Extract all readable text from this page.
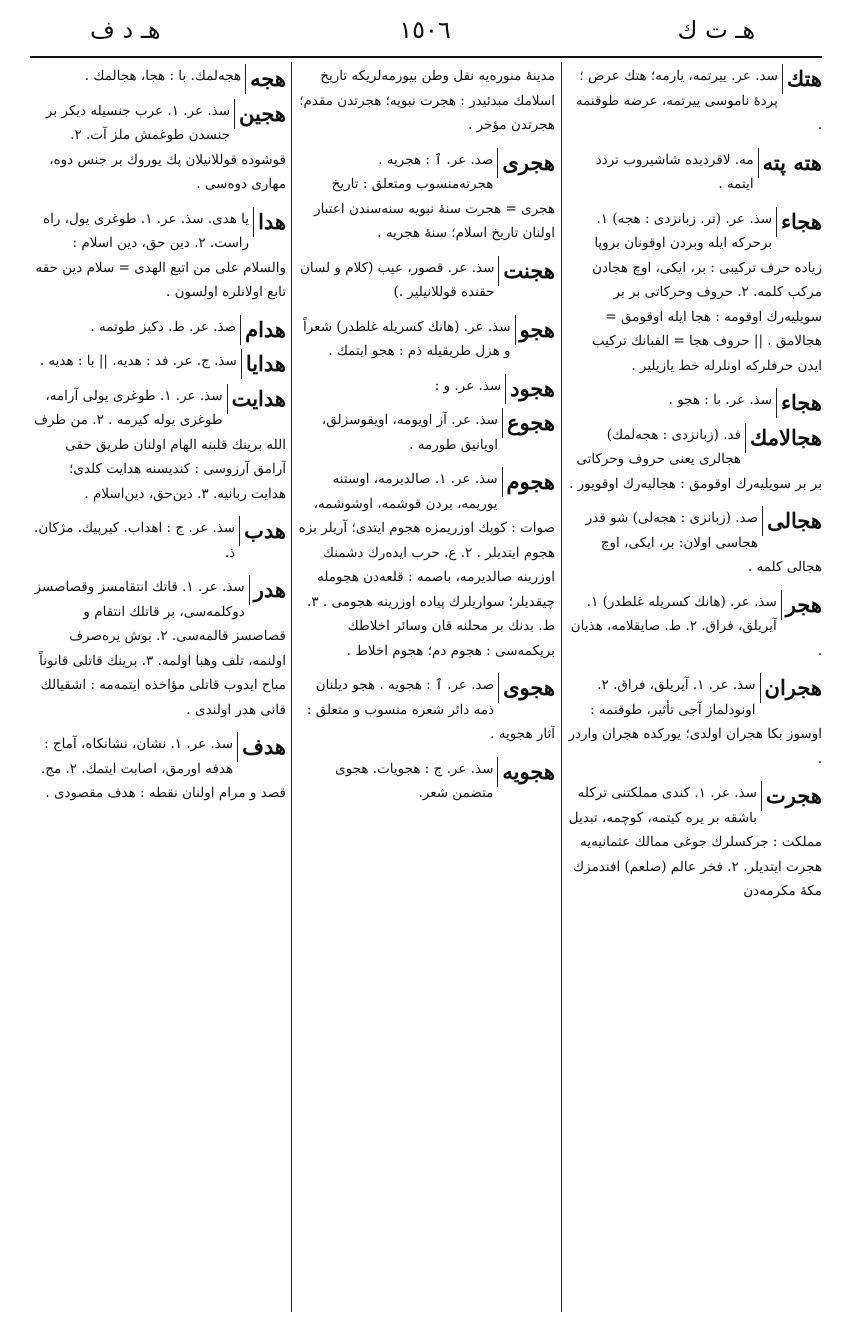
هـ ت ك
١٥٠٦
هـ د ف
هتك
سد. عر. ييرتمه، يارمه؛ هتك عرض ؛ پردۀ ناموسی ييرتمه، عرضه طوقنمه .
هته پته
مه. لاقرديده شاشيروب تردد ايتمه .
هجاء
سذ. عر. (تر. زبانزدی : هجه) ١. برحركه ايله وبردن اوقونان بروپا زياده حرف تركيبی : بر، ايكی، اوچ هجادن مركب كلمه. ٢. حروف وحركاتی بر بر سويليه‌رك اوقومه : هجا ايله اوقومق = هجالامق . || حروف هجا = الفبانك تركيب ايدن حرفلركه اونلرله خط يازيلير .
هجاء
سذ. عر. با : هجو .
هجالامك
فد. (زبانزدی : هجه‌لمك) هجالری يعنی حروف وحركاتی بر بر سويليه‌رك اوقومق : هجاليه‌رك اوقويور .
هجالی
صد. (زبانزی : هجه‌لی) شو قدر هجاسی اولان: بر، ايكی، اوچ هجالی كلمه .
هجر
سذ. عر. (هانك كسريله غلطدر) ١. آيريلق، فراق. ٢. ط. صايقلامه، هذيان .
هجران
سذ. عر. ١. آيريلق، فراق. ٢. اونودلماز آجی تأثير، طوقنمه : اوسوز بكا هجران اولدی؛ يوركده هجران واردر .
هجرت
سذ. عر. ١. كندی مملكتنی تركله باشقه بر يره كيتمه، كوچمه، تبديل مملكت : جركسلرك جوغی ممالك عثمانيه‌يه هجرت ايتديلر. ٢. فخر عالم (صلعم) افندمزك مكۀ مكرمه‌دن
مدينۀ منوره‌يه نقل وطن بيورمه‌لريكه تاريخ اسلامك مبدئيدر : هجرت نبويه؛ هجرتدن مقدم؛ هجرتدن مؤخر .
هجری
صد. عر. ٱ : هجريه . هجرته‌منسوب ومتعلق : تاريخ هجری = هجرت سنۀ نبويه سنه‌سندن اعتبار اولنان تاريخ اسلام؛ سنۀ هجريه .
هجنت
سذ. عر. قصور، عيب (كلام و لسان حقنده قوللانيلير .)
هجو
سذ. عر. (هانك كسريله غلطدر) شعراً و هزل طريقيله ذم : هجو ايتمك .
هجود
سذ. عر. و :
هجوع
سذ. عر. آز اويومه، اويقوسزلق، اويانيق طورمه .
هجوم
سذ. عر. ١. صالديرمه، اوستنه يوريمه، بردن قوشمه، اوشوشمه، صوات : كوپك اوزريمزه هجوم ايتدی؛ آريلر بزه هجوم ايتديلر . ٢. ع. حرب ايده‌رك دشمنك اوزرينه صالديرمه، باصمه : قلعه‌دن هجومله چيقديلر؛ سواريلرك پياده اوزرينه هجومی . ٣. ط. بدنك بر محلنه قان وسائر اخلاطك بريكمه‌سی : هجوم دم؛ هجوم اخلاط .
هجوی
صد. عر. ٱ : هجويه . هجو ديلنان ذمه دائر شعره منسوب و متعلق : آثار هجويه .
هجويه
سذ. عر. ج : هجويات. هجوی متضمن شعر.
هجه
هجه‌لمك. با : هجا، هجالمك .
هجين
سذ. عر. ١. عرب جنسيله ديكر بر جنسدن طوغمش ملز آت. ٢. قوشوده قوللانيلان پك يوروك بر جنس دوه، مهاری دوه‌سی .
هدا
يا هدی. سذ. عر. ١. طوغری يول، راه راست. ٢. دين حق، دين اسلام : والسلام علی من اتبع الهدی = سلام دين حقه تابع اولانلره اولسون .
هدام
صذ. عر. ط. دكيز طوتمه .
هدايا
سذ. ج. عر. فد : هديه. || با : هديه .
هدايت
سذ. عر. ١. طوغری يولی آرامه، طوغری يوله كيرمه . ٢. من طرف الله برينك قلبنه الهام اولنان طريق حقی آرامق آرزوسی : كنديسنه هدايت كلدی؛ هدايت ربانيه. ٣. دين‌حق، دين‌اسلام .
هدب
سذ. عر. ج : اهداب. كيرپيك. مژكان. ذ.
هدر
سذ. عر. ١. قاتك انتقامسز وقصاصسز دوكلمه‌سی، بر قاتلك انتقام و قصاصسز قالمه‌سی. ٢. بوش يره‌صرف اولنمه، تلف وهبا اولمه. ٣. برينك قاتلی قانوناً مباح ايدوب قاتلی مؤاخذه ايتمه‌مه : اشقيالك قانی هدر اولندی .
هدف
سذ. عر. ١. نشان، نشانكاه، آماج : هدفه اورمق، اصابت ايتمك. ٢. مج. قصد و مرام اولنان نقطه : هدف مقصودی .
